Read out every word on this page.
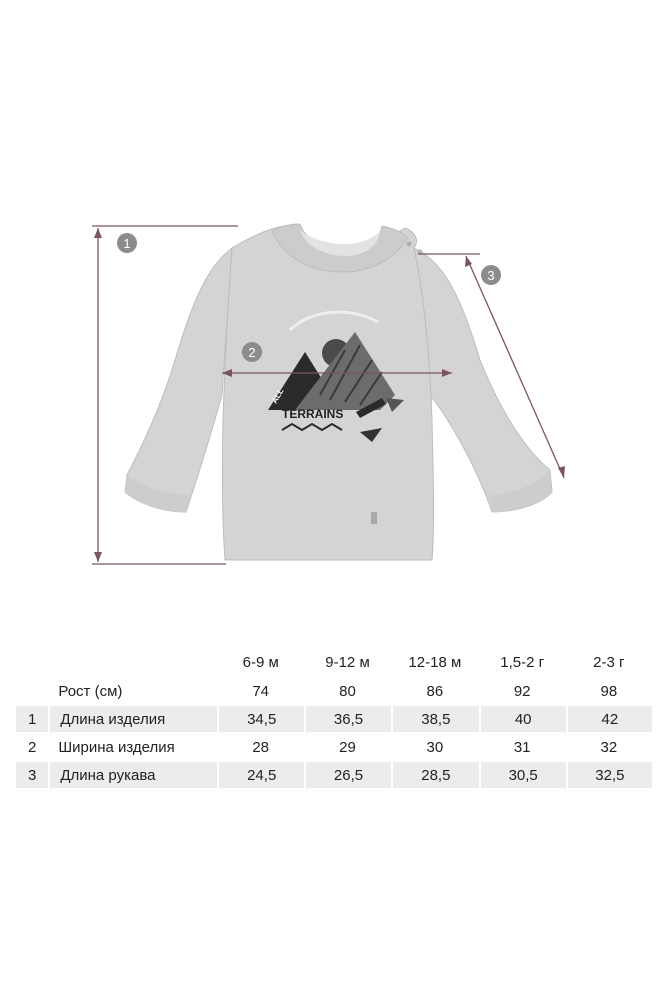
ALL
TERRAINS
1
2
3
		6-9 м	9-12 м	12-18 м	1,5-2 г	2-3 г
	Рост (см)	74	80	86	92	98
1	Длина изделия	34,5	36,5	38,5	40	42
2	Ширина изделия	28	29	30	31	32
3	Длина рукава	24,5	26,5	28,5	30,5	32,5
